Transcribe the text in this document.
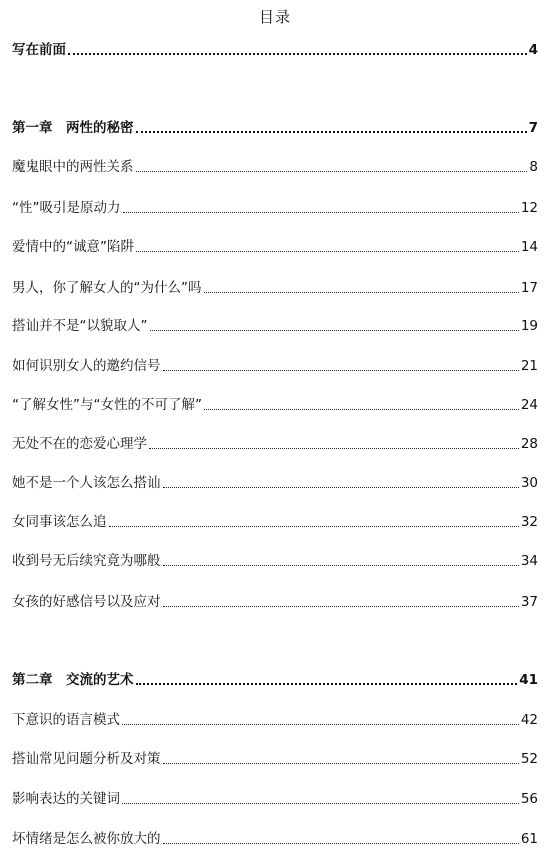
目录
写在前面	4
第一章　两性的秘密	7
魔鬼眼中的两性关系	8
“性”吸引是原动力	12
爱情中的“诚意”陷阱	14
男人，你了解女人的“为什么”吗	17
搭讪并不是“以貌取人”	19
如何识别女人的邀约信号	21
“了解女性”与“女性的不可了解”	24
无处不在的恋爱心理学	28
她不是一个人该怎么搭讪	30
女同事该怎么追	32
收到号无后续究竟为哪般	34
女孩的好感信号以及应对	37
第二章　交流的艺术	41
下意识的语言模式	42
搭讪常见问题分析及对策	52
影响表达的关键词	56
坏情绪是怎么被你放大的	61
